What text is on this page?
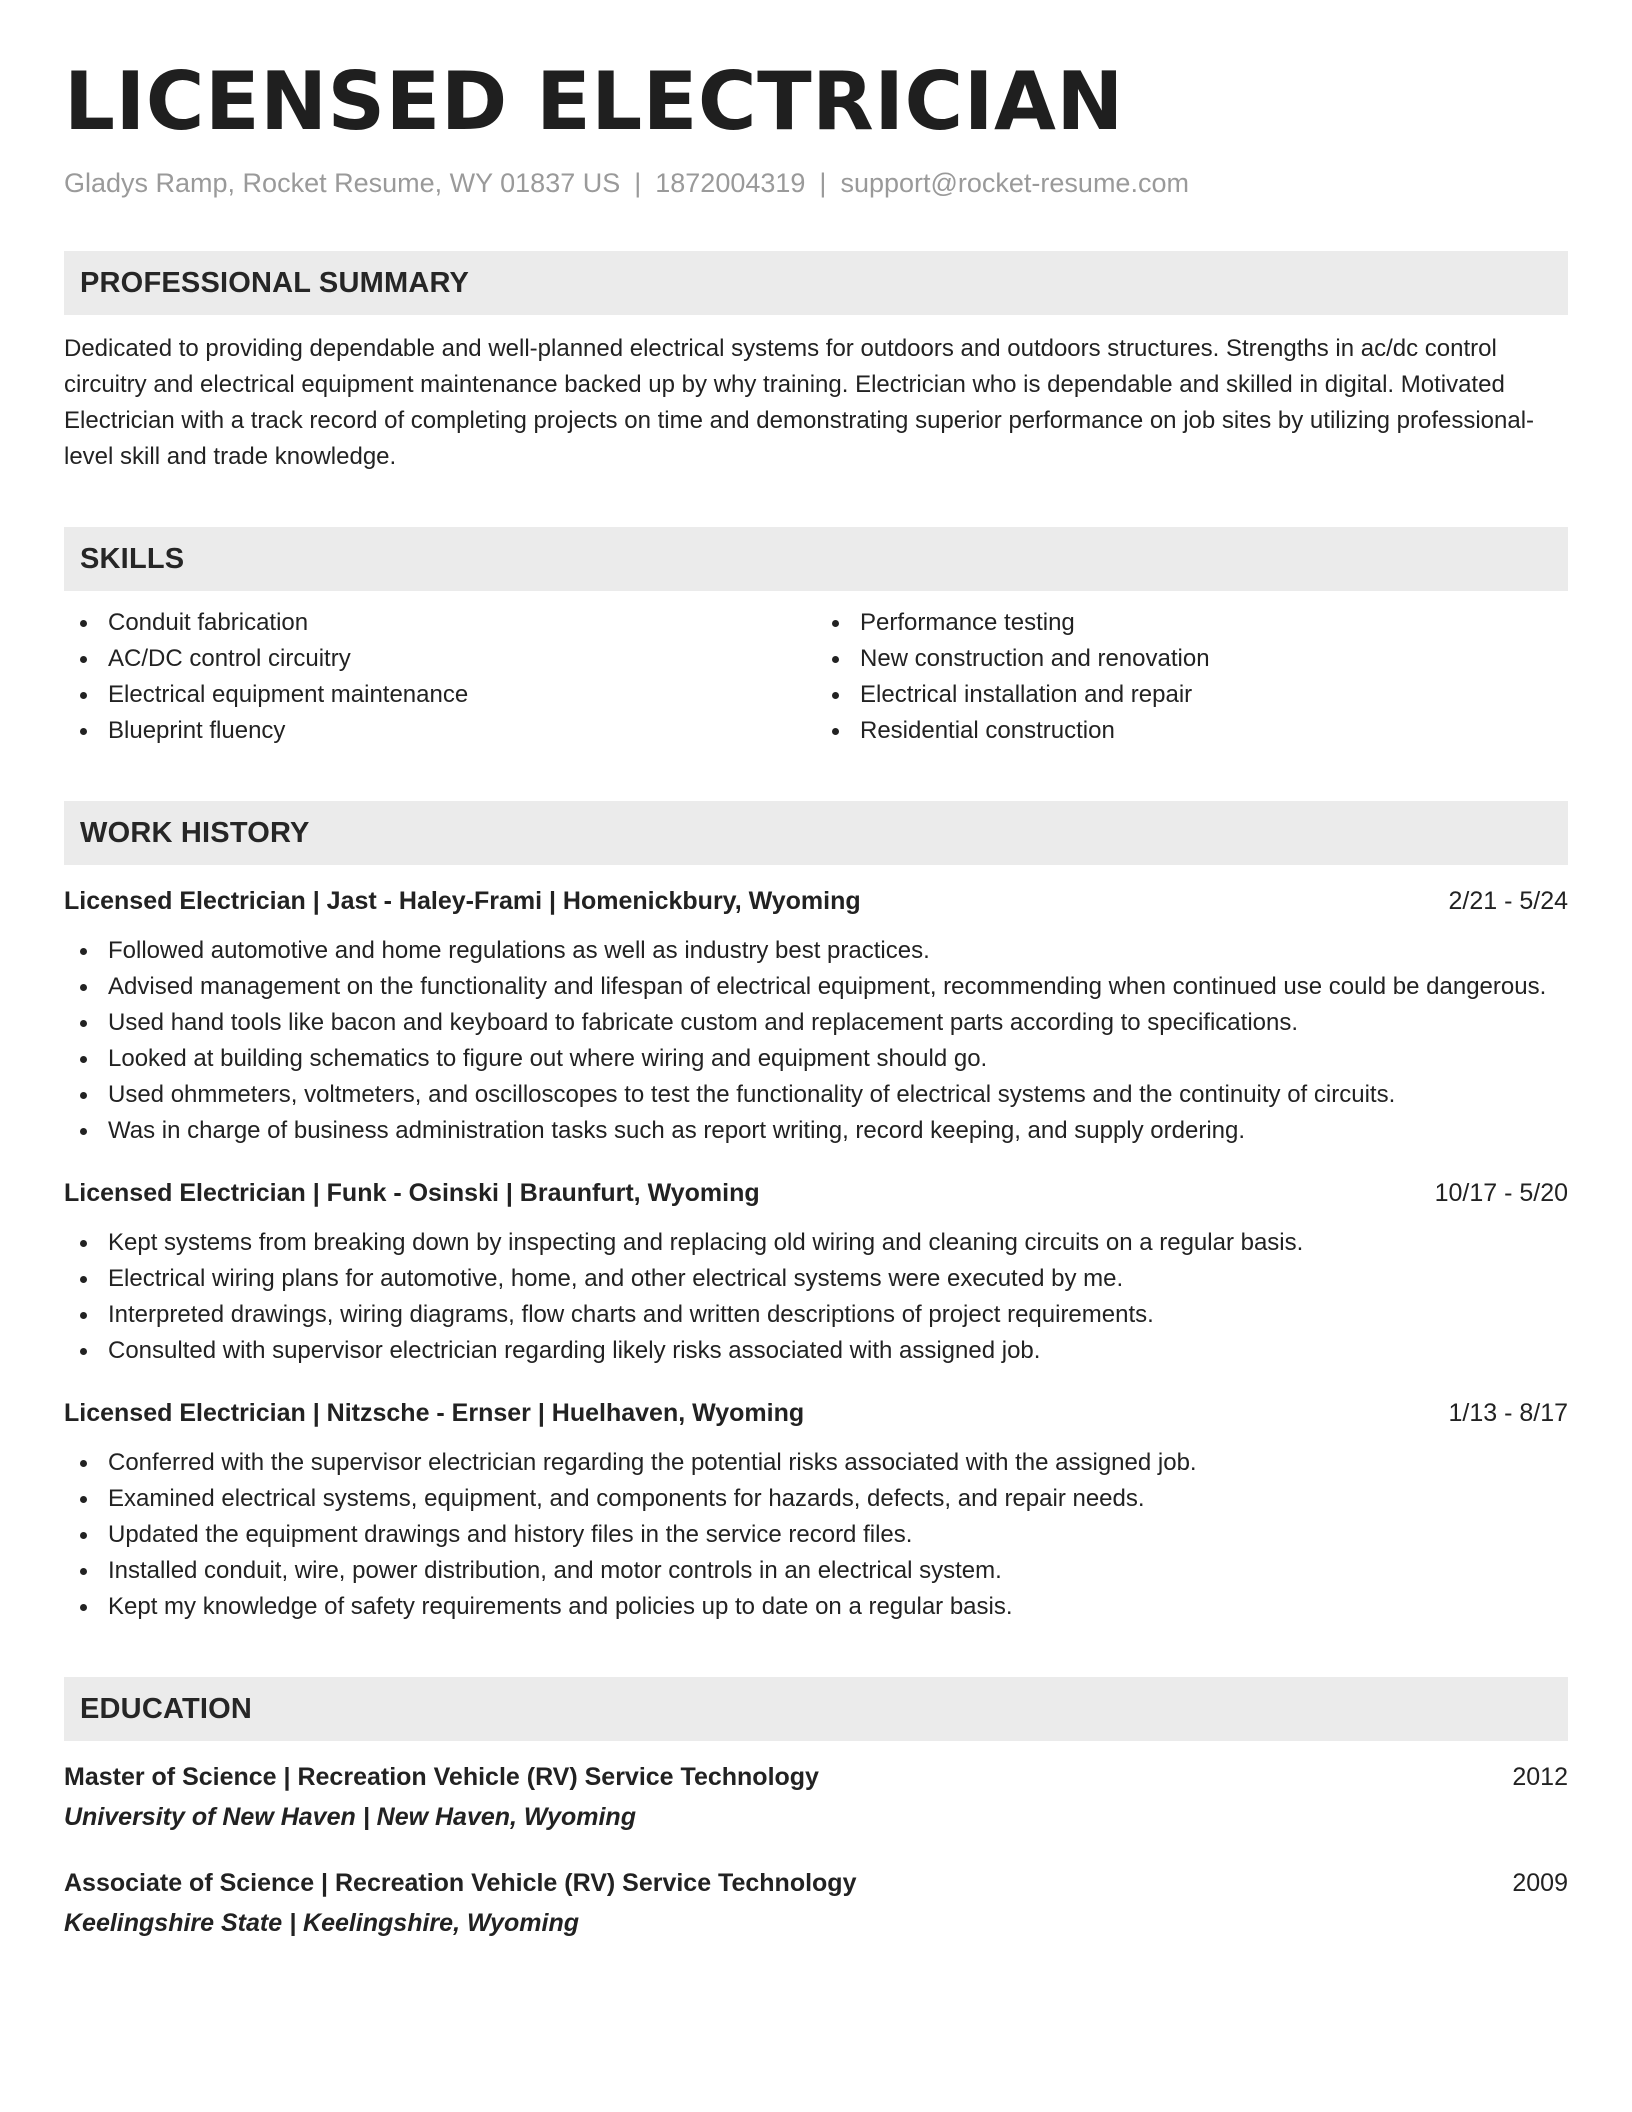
LICENSED ELECTRICIAN
Gladys Ramp, Rocket Resume, WY 01837 US | 1872004319 | support@rocket-resume.com
PROFESSIONAL SUMMARY

Dedicated to providing dependable and well-planned electrical systems for outdoors and outdoors structures. Strengths in ac/dc control circuitry and electrical equipment maintenance backed up by why training. Electrician who is dependable and skilled in digital. Motivated Electrician with a track record of completing projects on time and demonstrating superior performance on job sites by utilizing professional-level skill and trade knowledge.

SKILLS
Conduit fabrication
AC/DC control circuitry
Electrical equipment maintenance
Blueprint fluency
Performance testing
New construction and renovation
Electrical installation and repair
Residential construction
WORK HISTORY
Licensed Electrician | Jast - Haley-Frami | Homenickbury, Wyoming	2/21 - 5/24
Followed automotive and home regulations as well as industry best practices.
Advised management on the functionality and lifespan of electrical equipment, recommending when continued use could be dangerous.
Used hand tools like bacon and keyboard to fabricate custom and replacement parts according to specifications.
Looked at building schematics to figure out where wiring and equipment should go.
Used ohmmeters, voltmeters, and oscilloscopes to test the functionality of electrical systems and the continuity of circuits.
Was in charge of business administration tasks such as report writing, record keeping, and supply ordering.
Licensed Electrician | Funk - Osinski | Braunfurt, Wyoming	10/17 - 5/20
Kept systems from breaking down by inspecting and replacing old wiring and cleaning circuits on a regular basis.
Electrical wiring plans for automotive, home, and other electrical systems were executed by me.
Interpreted drawings, wiring diagrams, flow charts and written descriptions of project requirements.
Consulted with supervisor electrician regarding likely risks associated with assigned job.
Licensed Electrician | Nitzsche - Ernser | Huelhaven, Wyoming	1/13 - 8/17
Conferred with the supervisor electrician regarding the potential risks associated with the assigned job.
Examined electrical systems, equipment, and components for hazards, defects, and repair needs.
Updated the equipment drawings and history files in the service record files.
Installed conduit, wire, power distribution, and motor controls in an electrical system.
Kept my knowledge of safety requirements and policies up to date on a regular basis.
EDUCATION
Master of Science | Recreation Vehicle (RV) Service Technology	2012
University of New Haven | New Haven, Wyoming
Associate of Science | Recreation Vehicle (RV) Service Technology	2009
Keelingshire State | Keelingshire, Wyoming
